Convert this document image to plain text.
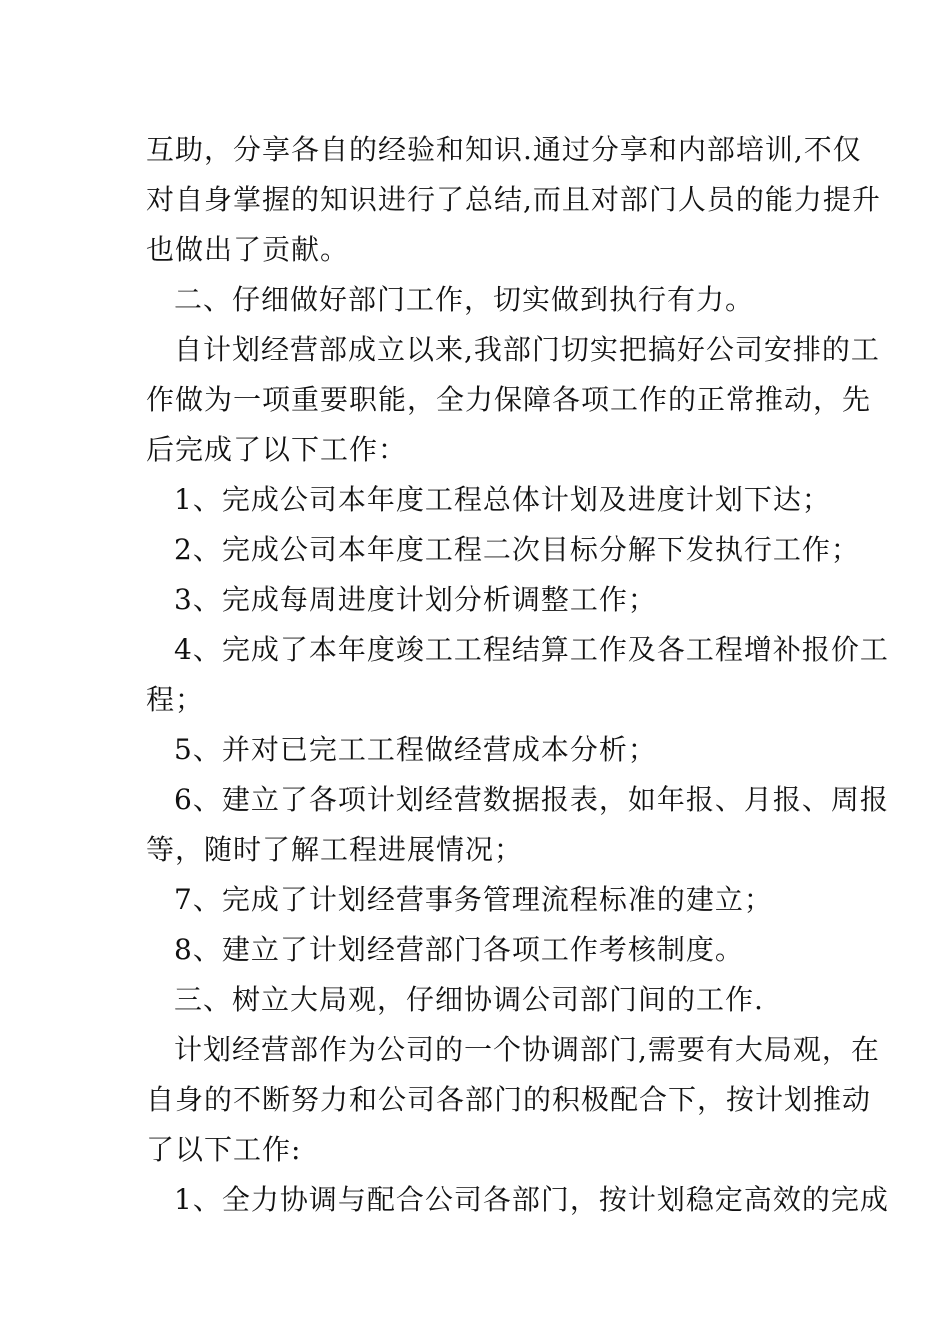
互助，分享各自的经验和知识.通过分享和内部培训,不仅
对自身掌握的知识进行了总结,而且对部门人员的能力提升
也做出了贡献。
二、仔细做好部门工作，切实做到执行有力。
自计划经营部成立以来,我部门切实把搞好公司安排的工
作做为一项重要职能，全力保障各项工作的正常推动，先
后完成了以下工作：
1、完成公司本年度工程总体计划及进度计划下达；
2、完成公司本年度工程二次目标分解下发执行工作；
3、完成每周进度计划分析调整工作；
4、完成了本年度竣工工程结算工作及各工程增补报价工
程；
5、并对已完工工程做经营成本分析；
6、建立了各项计划经营数据报表，如年报、月报、周报
等，随时了解工程进展情况；
7、完成了计划经营事务管理流程标准的建立；
8、建立了计划经营部门各项工作考核制度。
三、树立大局观，仔细协调公司部门间的工作.
计划经营部作为公司的一个协调部门,需要有大局观，在
自身的不断努力和公司各部门的积极配合下，按计划推动
了以下工作:
1、全力协调与配合公司各部门，按计划稳定高效的完成
